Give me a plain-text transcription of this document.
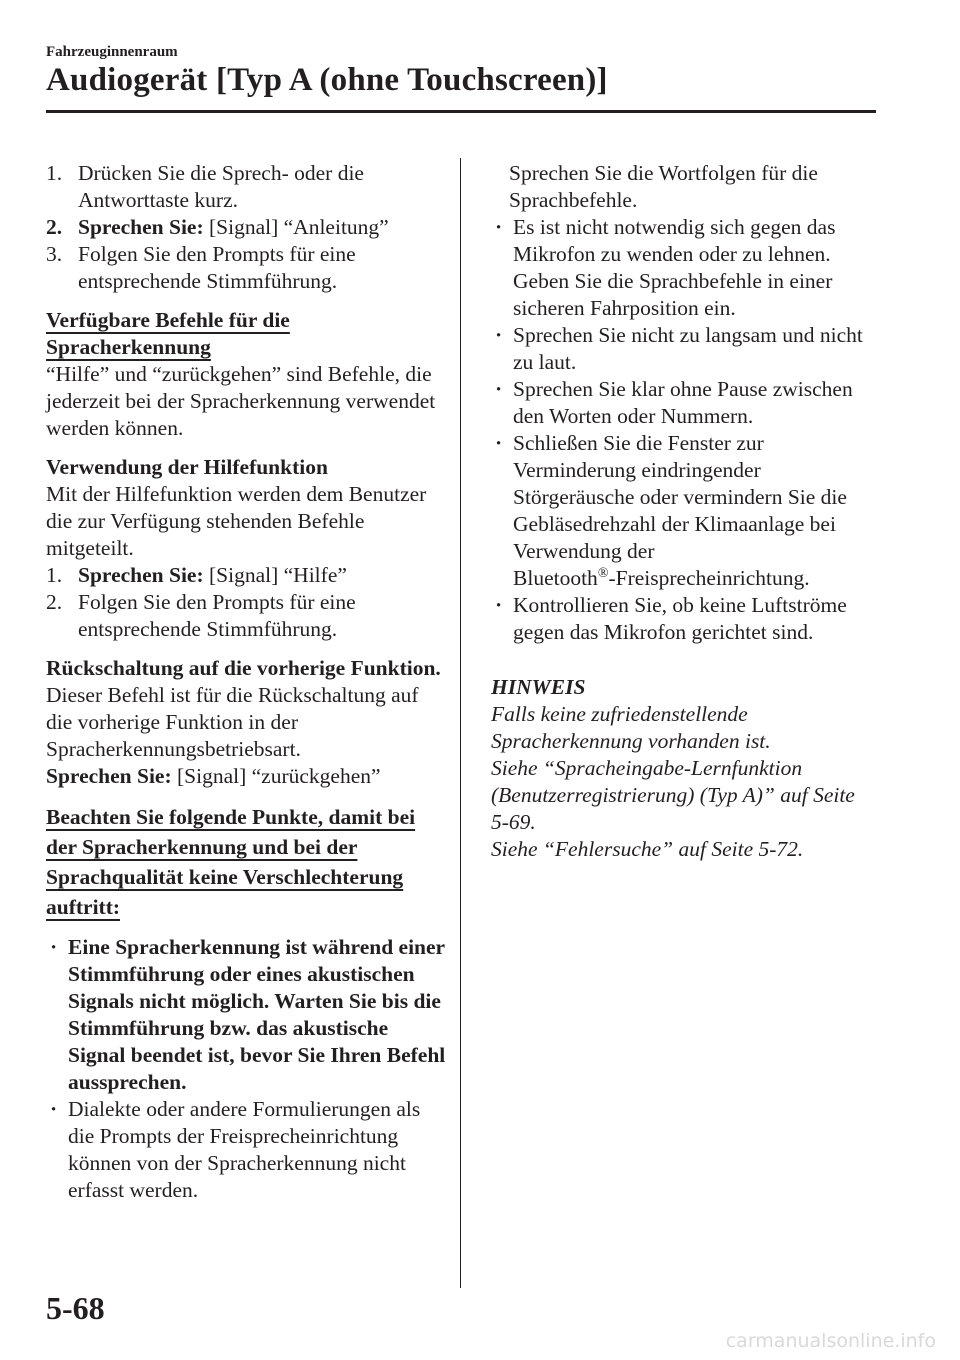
Fahrzeuginnenraum
Audiogerät [Typ A (ohne Touchscreen)]
1. Drücken Sie die Sprech- oder die Antworttaste kurz.
2. Sprechen Sie: [Signal] “Anleitung”
3. Folgen Sie den Prompts für eine entsprechende Stimmführung.
Verfügbare Befehle für die Spracherkennung

“Hilfe” und “zurückgehen” sind Befehle, die jederzeit bei der Spracherkennung verwendet werden können.

Verwendung der Hilfefunktion

Mit der Hilfefunktion werden dem Benutzer die zur Verfügung stehenden Befehle mitgeteilt.

1. Sprechen Sie: [Signal] “Hilfe”
2. Folgen Sie den Prompts für eine entsprechende Stimmführung.
Rückschaltung auf die vorherige Funktion.

Dieser Befehl ist für die Rückschaltung auf die vorherige Funktion in der Spracherkennungsbetriebsart.

Sprechen Sie: [Signal] “zurückgehen”
Beachten Sie folgende Punkte, damit bei der Spracherkennung und bei der Sprachqualität keine Verschlechterung auftritt:
· Eine Spracherkennung ist während einer Stimmführung oder eines akustischen Signals nicht möglich. Warten Sie bis die Stimmführung bzw. das akustische Signal beendet ist, bevor Sie Ihren Befehl aussprechen.
· Dialekte oder andere Formulierungen als die Prompts der Freisprecheinrichtung können von der Spracherkennung nicht erfasst werden.
Sprechen Sie die Wortfolgen für die Sprachbefehle.
· Es ist nicht notwendig sich gegen das Mikrofon zu wenden oder zu lehnen. Geben Sie die Sprachbefehle in einer sicheren Fahrposition ein.
· Sprechen Sie nicht zu langsam und nicht zu laut.
· Sprechen Sie klar ohne Pause zwischen den Worten oder Nummern.
· Schließen Sie die Fenster zur Verminderung eindringender Störgeräusche oder vermindern Sie die Gebläsedrehzahl der Klimaanlage bei Verwendung der
Bluetooth®-Freisprecheinrichtung.
· Kontrollieren Sie, ob keine Luftströme gegen das Mikrofon gerichtet sind.
HINWEIS
Falls keine zufriedenstellende
Spracherkennung vorhanden ist.
Siehe “Spracheingabe-Lernfunktion
(Benutzerregistrierung) (Typ A)” auf Seite
5-69.
Siehe “Fehlersuche” auf Seite 5-72.
5-68
carmanualsonline.info
